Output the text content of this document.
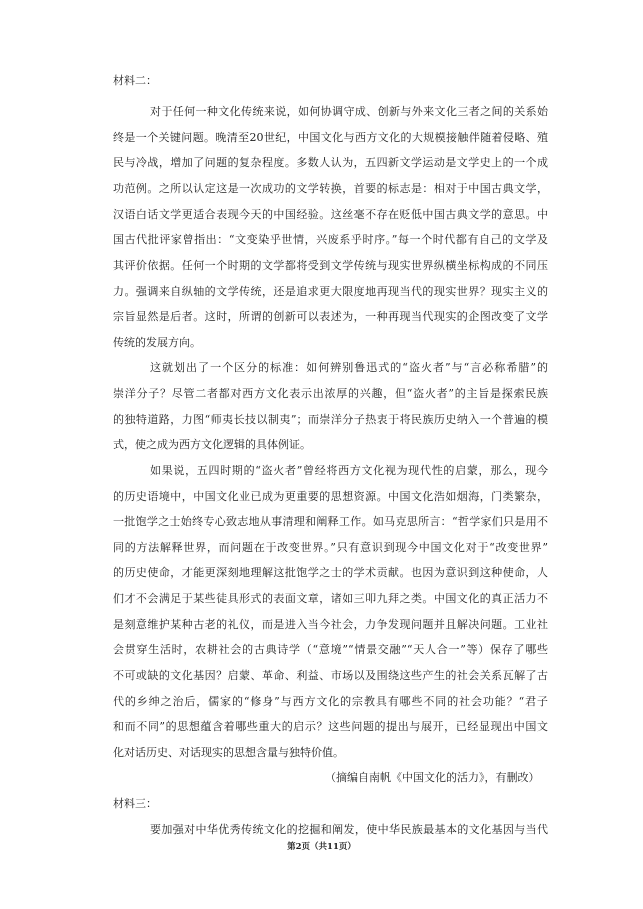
材料二：
对于任何一种文化传统来说，如何协调守成、创新与外来文化三者之间的关系始
终是一个关键问题。晚清至20世纪，中国文化与西方文化的大规模接触伴随着侵略、殖
民与冷战，增加了问题的复杂程度。多数人认为，五四新文学运动是文学史上的一个成
功范例。之所以认定这是一次成功的文学转换，首要的标志是：相对于中国古典文学，
汉语白话文学更适合表现今天的中国经验。这丝毫不存在贬低中国古典文学的意思。中
国古代批评家曾指出：“文变染乎世情，兴废系乎时序。”每一个时代都有自己的文学及
其评价依据。任何一个时期的文学都将受到文学传统与现实世界纵横坐标构成的不同压
力。强调来自纵轴的文学传统，还是追求更大限度地再现当代的现实世界？现实主义的
宗旨显然是后者。这时，所谓的创新可以表述为，一种再现当代现实的企图改变了文学
传统的发展方向。
这就划出了一个区分的标准：如何辨别鲁迅式的“盗火者”与“言必称希腊”的
崇洋分子？尽管二者都对西方文化表示出浓厚的兴趣，但“盗火者”的主旨是探索民族
的独特道路，力图“师夷长技以制夷”；而崇洋分子热衷于将民族历史纳入一个普遍的模
式，使之成为西方文化逻辑的具体例证。
如果说，五四时期的“盗火者”曾经将西方文化视为现代性的启蒙，那么，现今
的历史语境中，中国文化业已成为更重要的思想资源。中国文化浩如烟海，门类繁杂，
一批饱学之士始终专心致志地从事清理和阐释工作。如马克思所言：“哲学家们只是用不
同的方法解释世界，而问题在于改变世界。”只有意识到现今中国文化对于“改变世界”
的历史使命，才能更深刻地理解这批饱学之士的学术贡献。也因为意识到这种使命，人
们才不会满足于某些徒具形式的表面文章，诸如三叩九拜之类。中国文化的真正活力不
是刻意维护某种古老的礼仪，而是进入当今社会，力争发现问题并且解决问题。工业社
会贯穿生活时，农耕社会的古典诗学（“意境”“情景交融”“天人合一”等）保存了哪些
不可或缺的文化基因？启蒙、革命、利益、市场以及围绕这些产生的社会关系瓦解了古
代的乡绅之治后，儒家的“修身”与西方文化的宗教具有哪些不同的社会功能？“君子
和而不同”的思想蕴含着哪些重大的启示？这些问题的提出与展开，已经显现出中国文
化对话历史、对话现实的思想含量与独特价值。
（摘编自南帆《中国文化的活力》，有删改）
材料三：
要加强对中华优秀传统文化的挖掘和阐发，使中华民族最基本的文化基因与当代
第2页（共11页）
